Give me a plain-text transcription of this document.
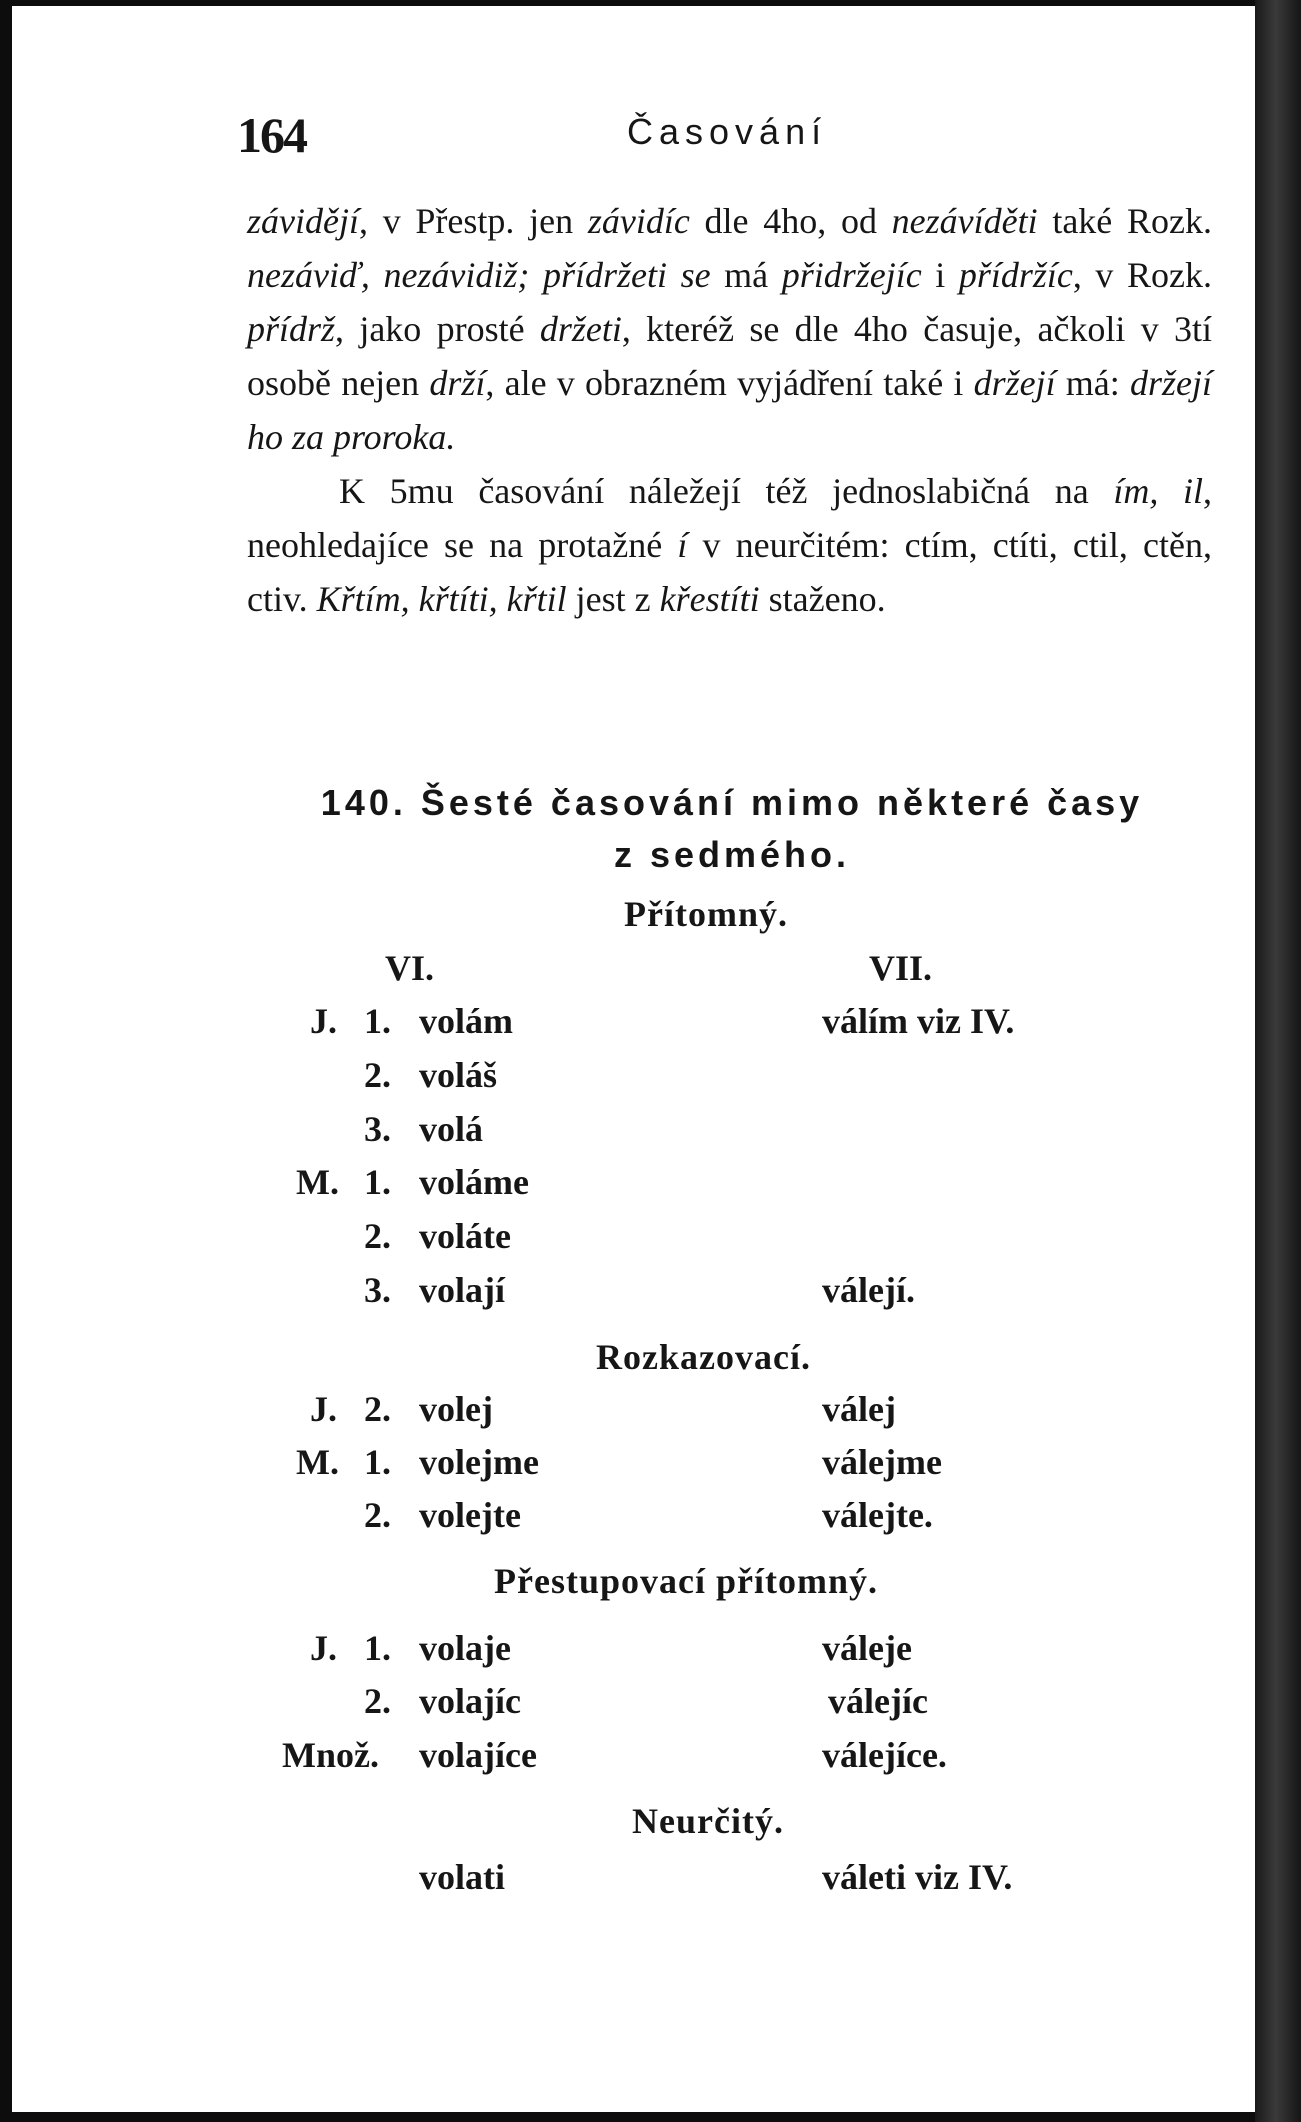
164	Časování

závidějí, v Přestp. jen závidíc dle 4ho, od nezávíděti také Rozk. nezáviď, nezávidiž; přídržeti se má přidržejíc i přídržíc, v Rozk. přídrž, jako prosté držeti, kteréž se dle 4ho časuje, ačkoli v 3tí osobě nejen drží, ale v obrazném vyjádření také i držejí má: držejí ho za proroka.

K 5mu časování náležejí též jednoslabičná na ím, il, neohledajíce se na protažné í v neurčitém: ctím, ctíti, ctil, ctěn, ctiv. Křtím, křtíti, křtil jest z křestíti staženo.

140. Šesté časování mimo některé časy
z sedmého.
Přítomný.
VI.	VII.
J. 1. volám	válím viz IV.
2. voláš
3. volá
M. 1. voláme
2. voláte
3. volají	válejí.
Rozkazovací.
J. 2. volej	válej
M. 1. volejme	válejme
2. volejte	válejte.
Přestupovací přítomný.
J. 1. volaje	váleje
2. volajíc	válejíc
Množ. volajíce	válejíce.
Neurčitý.
volati	váleti viz IV.
